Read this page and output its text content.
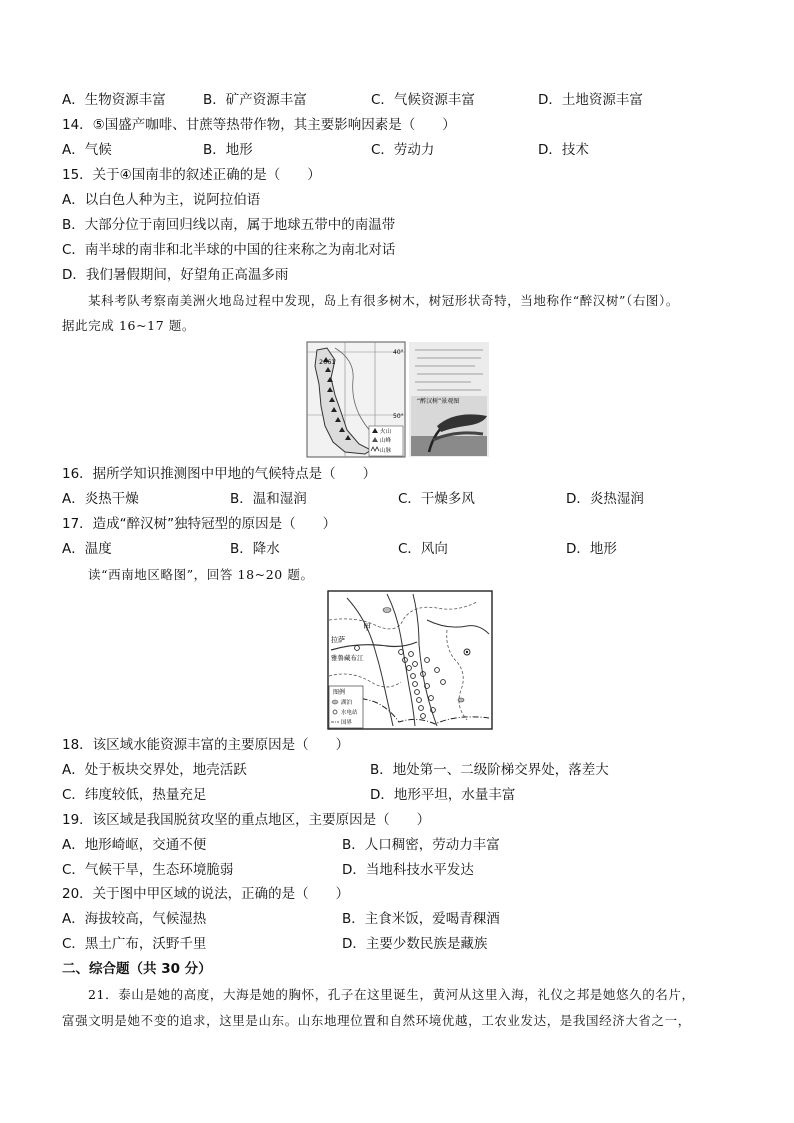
A．生物资源丰富	B．矿产资源丰富	C．气候资源丰富	D．土地资源丰富
14．⑤国盛产咖啡、甘蔗等热带作物，其主要影响因素是（　　）
A．气候	B．地形	C．劳动力	D．技术
15．关于④国南非的叙述正确的是（　　）
A．以白色人种为主，说阿拉伯语
B．大部分位于南回归线以南，属于地球五带中的南温带
C．南半球的南非和北半球的中国的往来称之为南北对话
D．我们暑假期间，好望角正高温多雨
某科考队考察南美洲火地岛过程中发现，岛上有很多树木，树冠形状奇特，当地称作“醉汉树”（右图）。
据此完成 16~17 题。
2661
40°
50°
火山
山峰
山脉
“醉汉树”景观图
16．据所学知识推测图中甲地的气候特点是（　　）
A．炎热干燥	B．温和湿润	C．干燥多风	D．炎热湿润
17．造成“醉汉树”独特冠型的原因是（　　）
A．温度	B．降水	C．风向	D．地形
读“西南地区略图”，回答 18~20 题。
甲
拉萨
雅鲁藏布江
图例
湖泊
水电站
国界
18．该区域水能资源丰富的主要原因是（　　）
A．处于板块交界处，地壳活跃	B．地处第一、二级阶梯交界处，落差大
C．纬度较低，热量充足	D．地形平坦，水量丰富
19．该区域是我国脱贫攻坚的重点地区，主要原因是（　　）
A．地形崎岖，交通不便	B．人口稠密，劳动力丰富
C．气候干旱，生态环境脆弱	D．当地科技水平发达
20．关于图中甲区域的说法，正确的是（　　）
A．海拔较高，气候湿热	B．主食米饭，爱喝青稞酒
C．黑土广布，沃野千里	D．主要少数民族是藏族
二、综合题（共 30 分）
21．泰山是她的高度，大海是她的胸怀，孔子在这里诞生，黄河从这里入海，礼仪之邦是她悠久的名片，
富强文明是她不变的追求，这里是山东。山东地理位置和自然环境优越，工农业发达，是我国经济大省之一，
